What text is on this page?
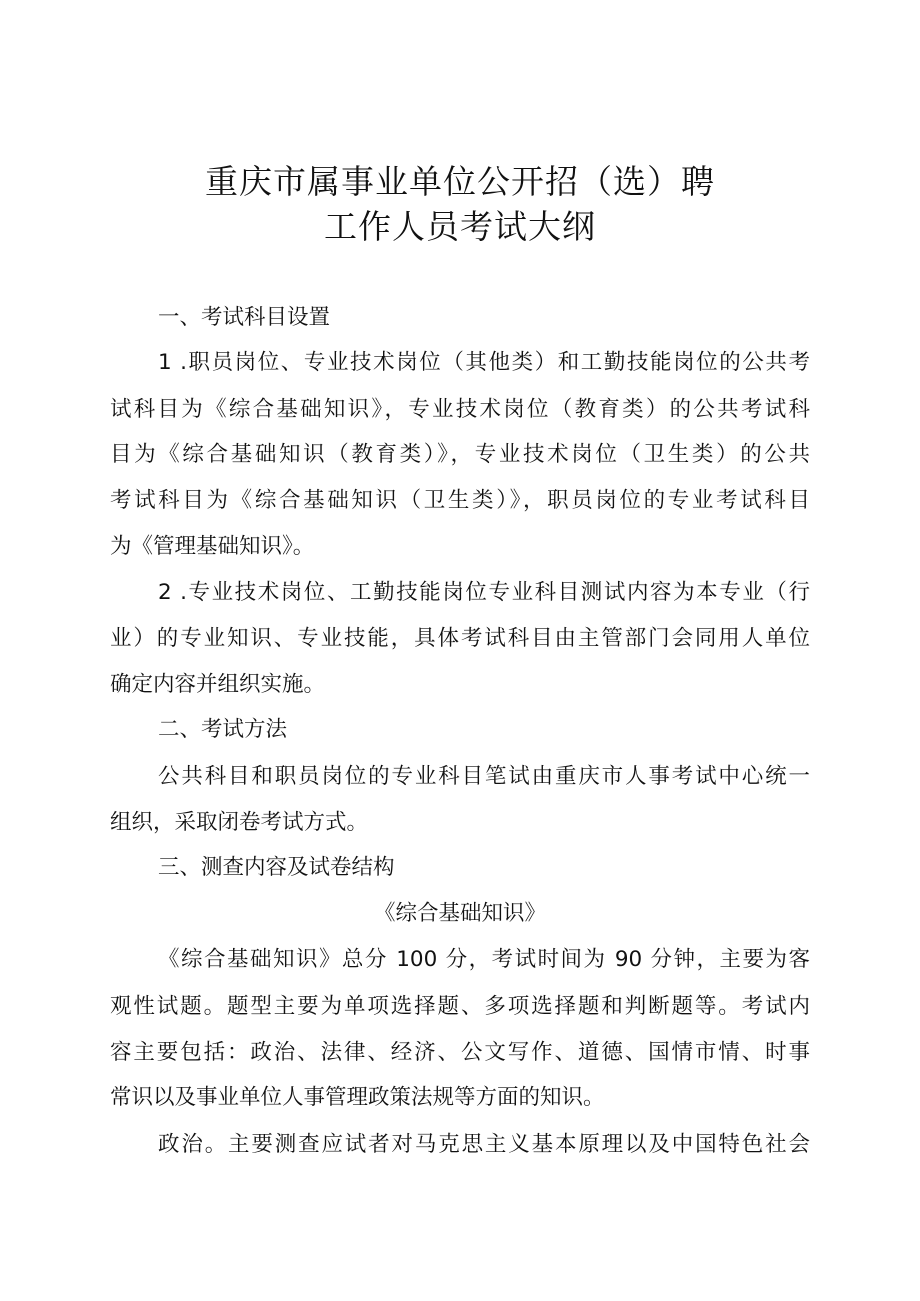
重庆市属事业单位公开招（选）聘
工作人员考试大纲
一、考试科目设置
1 .职员岗位、专业技术岗位（其他类）和工勤技能岗位的公共考
试科目为《综合基础知识》，专业技术岗位（教育类）的公共考试科
目为《综合基础知识（教育类）》，专业技术岗位（卫生类）的公共
考试科目为《综合基础知识（卫生类）》，职员岗位的专业考试科目
为《管理基础知识》。
2 .专业技术岗位、工勤技能岗位专业科目测试内容为本专业（行
业）的专业知识、专业技能，具体考试科目由主管部门会同用人单位
确定内容并组织实施。
二、考试方法
公共科目和职员岗位的专业科目笔试由重庆市人事考试中心统一
组织，采取闭卷考试方式。
三、测查内容及试卷结构
《综合基础知识》
《综合基础知识》总分 100 分，考试时间为 90 分钟，主要为客
观性试题。题型主要为单项选择题、多项选择题和判断题等。考试内
容主要包括：政治、法律、经济、公文写作、道德、国情市情、时事
常识以及事业单位人事管理政策法规等方面的知识。
政治。主要测查应试者对马克思主义基本原理以及中国特色社会
